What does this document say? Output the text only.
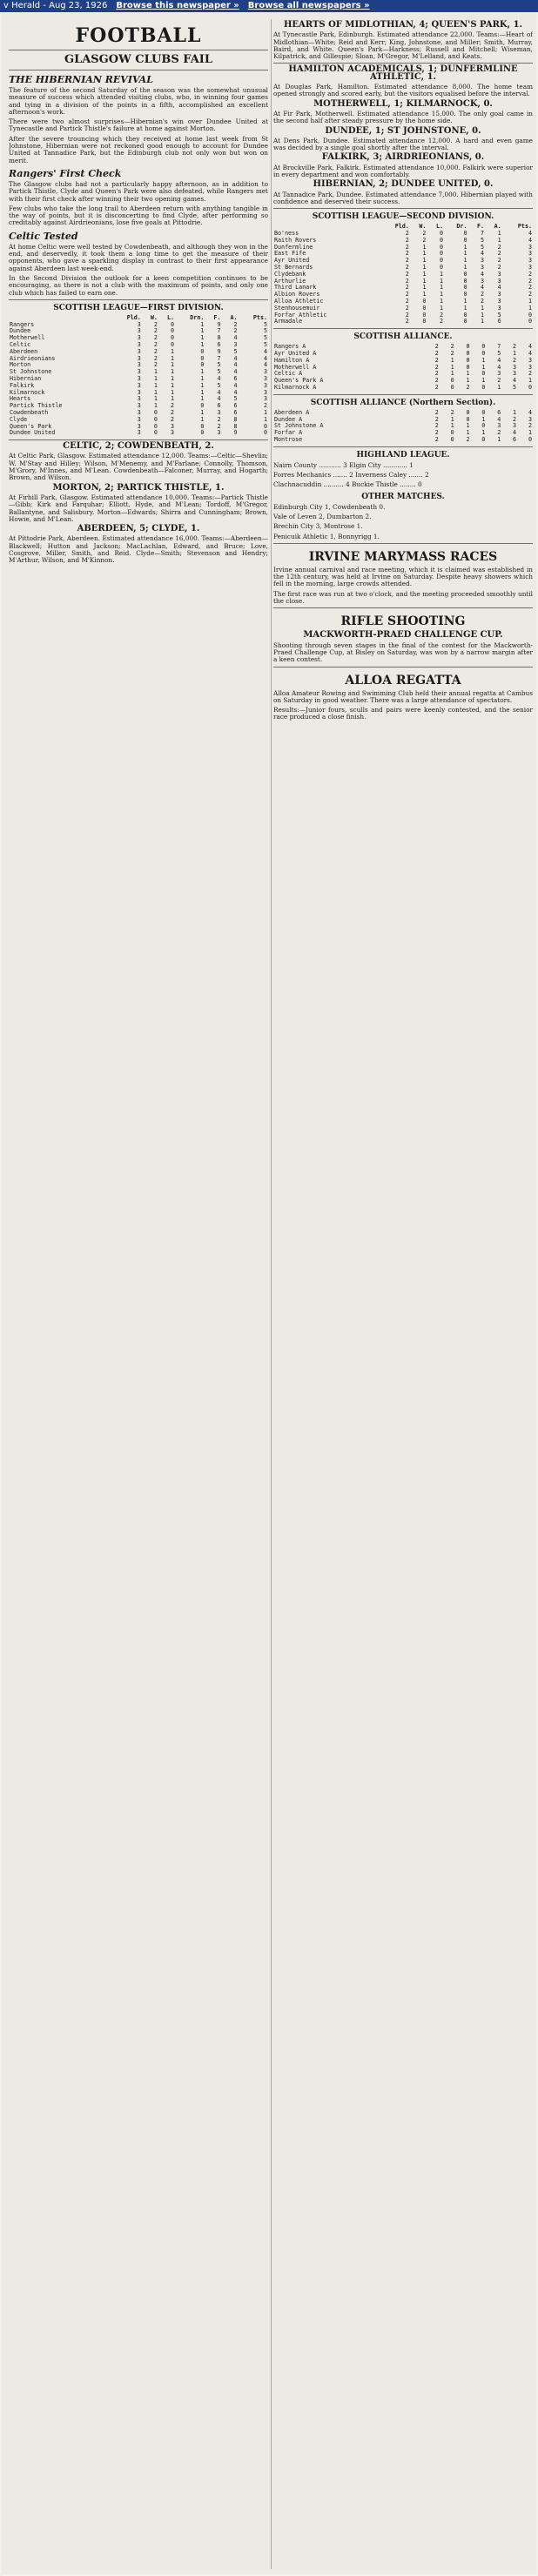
v Herald - Aug 23, 1926 Browse this newspaper » Browse all newspapers »
FOOTBALL
GLASGOW CLUBS FAIL
THE HIBERNIAN REVIVAL
The feature of the second Saturday of the season was the somewhat unusual measure of success which attended visiting clubs, who, in winning four games and tying in a division of the points in a fifth, accomplished an excellent afternoon's work.
There were two almost surprises—Hibernian's win over Dundee United at Tynecastle and Partick Thistle's failure at home against Morton.
After the severe trouncing which they received at home last week from St Johnstone, Hibernian were not reckoned good enough to account for Dundee United at Tannadice Park, but the Edinburgh club not only won but won on merit.
Rangers' First Check
The Glasgow clubs had not a particularly happy afternoon, as in addition to Partick Thistle, Clyde and Queen's Park were also defeated, while Rangers met with their first check after winning their two opening games.
Few clubs who take the long trail to Aberdeen return with anything tangible in the way of points, but it is disconcerting to find Clyde, after performing so creditably against Airdrieonians, lose five goals at Pittodrie.
Celtic Tested
At home Celtic were well tested by Cowdenbeath, and although they won in the end, and deservedly, it took them a long time to get the measure of their opponents, who gave a sparkling display in contrast to their first appearance against Aberdeen last week-end.
In the Second Division the outlook for a keen competition continues to be encouraging, as there is not a club with the maximum of points, and only one club which has failed to earn one.
SCOTTISH LEAGUE—FIRST DIVISION.
	Pld.	W.	L.	Drn.	F.	A.	Pts.
Rangers	3	2	0	1	9	2	5
Dundee	3	2	0	1	7	2	5
Motherwell	3	2	0	1	8	4	5
Celtic	3	2	0	1	6	3	5
Aberdeen	3	2	1	0	9	5	4
Airdrieonians	3	2	1	0	7	4	4
Morton	3	2	1	0	5	4	4
St Johnstone	3	1	1	1	5	4	3
Hibernian	3	1	1	1	4	6	3
Falkirk	3	1	1	1	5	4	3
Kilmarnock	3	1	1	1	4	4	3
Hearts	3	1	1	1	4	5	3
Partick Thistle	3	1	2	0	6	6	2
Cowdenbeath	3	0	2	1	3	6	1
Clyde	3	0	2	1	2	8	1
Queen's Park	3	0	3	0	2	8	0
Dundee United	3	0	3	0	3	9	0
CELTIC, 2; COWDENBEATH, 2.
At Celtic Park, Glasgow. Estimated attendance 12,000. Teams:—Celtic—Shevlin; W. M'Stay and Hilley; Wilson, M'Menemy, and M'Farlane; Connolly, Thomson, M'Grory, M'Innes, and M'Lean. Cowdenbeath—Falconer, Murray, and Hogarth; Brown, and Wilson.
MORTON, 2; PARTICK THISTLE, 1.
At Firhill Park, Glasgow. Estimated attendance 10,000. Teams:—Partick Thistle—Gibb; Kirk and Farquhar; Elliott, Hyde, and M'Lean; Tordoff, M'Gregor, Ballantyne, and Salisbury. Morton—Edwards; Shirra and Cunningham; Brown, Howie, and M'Lean.
ABERDEEN, 5; CLYDE, 1.
At Pittodrie Park, Aberdeen. Estimated attendance 16,000. Teams:—Aberdeen—Blackwell; Hutton and Jackson; MacLachlan, Edward, and Bruce; Love, Cosgrove, Miller, Smith, and Reid. Clyde—Smith; Stevenson and Hendry; M'Arthur, Wilson, and M'Kinnon.
HEARTS OF MIDLOTHIAN, 4; QUEEN'S PARK, 1.
At Tynecastle Park, Edinburgh. Estimated attendance 22,000. Teams:—Heart of Midlothian—White; Reid and Kerr; King, Johnstone, and Miller; Smith, Murray, Baird, and White. Queen's Park—Harkness; Russell and Mitchell; Wiseman, Kilpatrick, and Gillespie; Sloan, M'Gregor, M'Lelland, and Keats.
HAMILTON ACADEMICALS, 1; DUNFERMLINE ATHLETIC, 1.
At Douglas Park, Hamilton. Estimated attendance 8,000. The home team opened strongly and scored early, but the visitors equalised before the interval.
MOTHERWELL, 1; KILMARNOCK, 0.
At Fir Park, Motherwell. Estimated attendance 15,000. The only goal came in the second half after steady pressure by the home side.
DUNDEE, 1; ST JOHNSTONE, 0.
At Dens Park, Dundee. Estimated attendance 12,000. A hard and even game was decided by a single goal shortly after the interval.
FALKIRK, 3; AIRDRIEONIANS, 0.
At Brockville Park, Falkirk. Estimated attendance 10,000. Falkirk were superior in every department and won comfortably.
HIBERNIAN, 2; DUNDEE UNITED, 0.
At Tannadice Park, Dundee. Estimated attendance 7,000. Hibernian played with confidence and deserved their success.
SCOTTISH LEAGUE—SECOND DIVISION.
	Pld.	W.	L.	Dr.	F.	A.	Pts.
Bo'ness	2	2	0	0	7	1	4
Raith Rovers	2	2	0	0	5	1	4
Dunfermline	2	1	0	1	5	2	3
East Fife	2	1	0	1	4	2	3
Ayr United	2	1	0	1	3	2	3
St Bernards	2	1	0	1	3	2	3
Clydebank	2	1	1	0	4	3	2
Arthurlie	2	1	1	0	3	3	2
Third Lanark	2	1	1	0	4	4	2
Albion Rovers	2	1	1	0	2	3	2
Alloa Athletic	2	0	1	1	2	3	1
Stenhousemuir	2	0	1	1	1	3	1
Forfar Athletic	2	0	2	0	1	5	0
Armadale	2	0	2	0	1	6	0
SCOTTISH ALLIANCE.
Rangers A	2	2	0	0	7	2	4
Ayr United A	2	2	0	0	5	1	4
Hamilton A	2	1	0	1	4	2	3
Motherwell A	2	1	0	1	4	3	3
Celtic A	2	1	1	0	3	3	2
Queen's Park A	2	0	1	1	2	4	1
Kilmarnock A	2	0	2	0	1	5	0
SCOTTISH ALLIANCE (Northern Section).
Aberdeen A	2	2	0	0	6	1	4
Dundee A	2	1	0	1	4	2	3
St Johnstone A	2	1	1	0	3	3	2
Forfar A	2	0	1	1	2	4	1
Montrose	2	0	2	0	1	6	0
HIGHLAND LEAGUE.
Nairn County ........... 3 Elgin City ............ 1
Forres Mechanics ....... 2 Inverness Caley ....... 2
Clachnacuddin .......... 4 Buckie Thistle ........ 0
OTHER MATCHES.
Edinburgh City 1, Cowdenbeath 0.
Vale of Leven 2, Dumbarton 2.
Brechin City 3, Montrose 1.
Penicuik Athletic 1, Bonnyrigg 1.
IRVINE MARYMASS RACES
Irvine annual carnival and race meeting, which it is claimed was established in the 12th century, was held at Irvine on Saturday. Despite heavy showers which fell in the morning, large crowds attended.
The first race was run at two o'clock, and the meeting proceeded smoothly until the close.
RIFLE SHOOTING
MACKWORTH-PRAED CHALLENGE CUP.
Shooting through seven stages in the final of the contest for the Mackworth-Praed Challenge Cup, at Bisley on Saturday, was won by a narrow margin after a keen contest.
ALLOA REGATTA
Alloa Amateur Rowing and Swimming Club held their annual regatta at Cambus on Saturday in good weather. There was a large attendance of spectators.
Results:—Junior fours, sculls and pairs were keenly contested, and the senior race produced a close finish.
